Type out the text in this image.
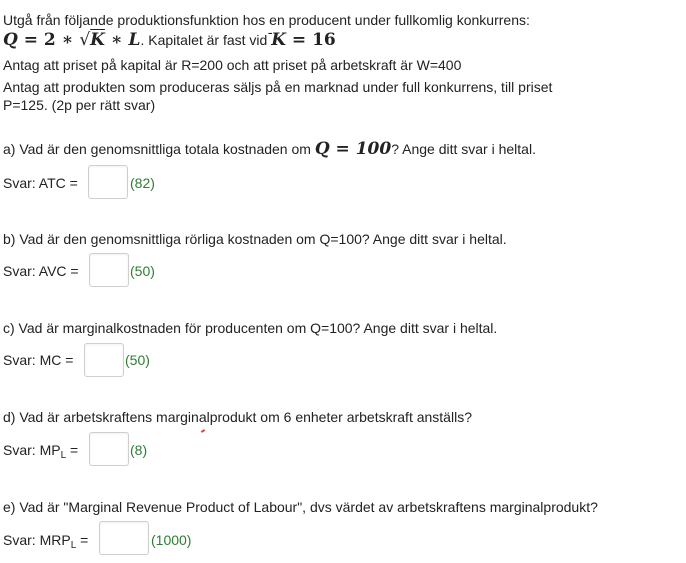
Utgå från följande produktionsfunktion hos en producent under fullkomlig konkurrens:
Q = 2 ∗ √K ∗ L. Kapitalet är fast vid K
= 16
Antag att priset på kapital är R=200 och att priset på arbetskraft är W=400
Antag att produkten som produceras säljs på en marknad under full konkurrens, till priset
P=125. (2p per rätt svar)
a) Vad är den genomsnittliga totala kostnaden om Q = 100? Ange ditt svar i heltal.
Svar: ATC =	(82)
b) Vad är den genomsnittliga rörliga kostnaden om Q=100? Ange ditt svar i heltal.
Svar: AVC =	(50)
c) Vad är marginalkostnaden för producenten om Q=100? Ange ditt svar i heltal.
Svar: MC =	(50)
d) Vad är arbetskraftens marginalprodukt om 6 enheter arbetskraft anställs?
Svar: $MP_L$ =	(8)
e) Vad är "Marginal Revenue Product of Labour", dvs värdet av arbetskraftens marginalprodukt?
Svar: $MRP_L$ =	(1000)
